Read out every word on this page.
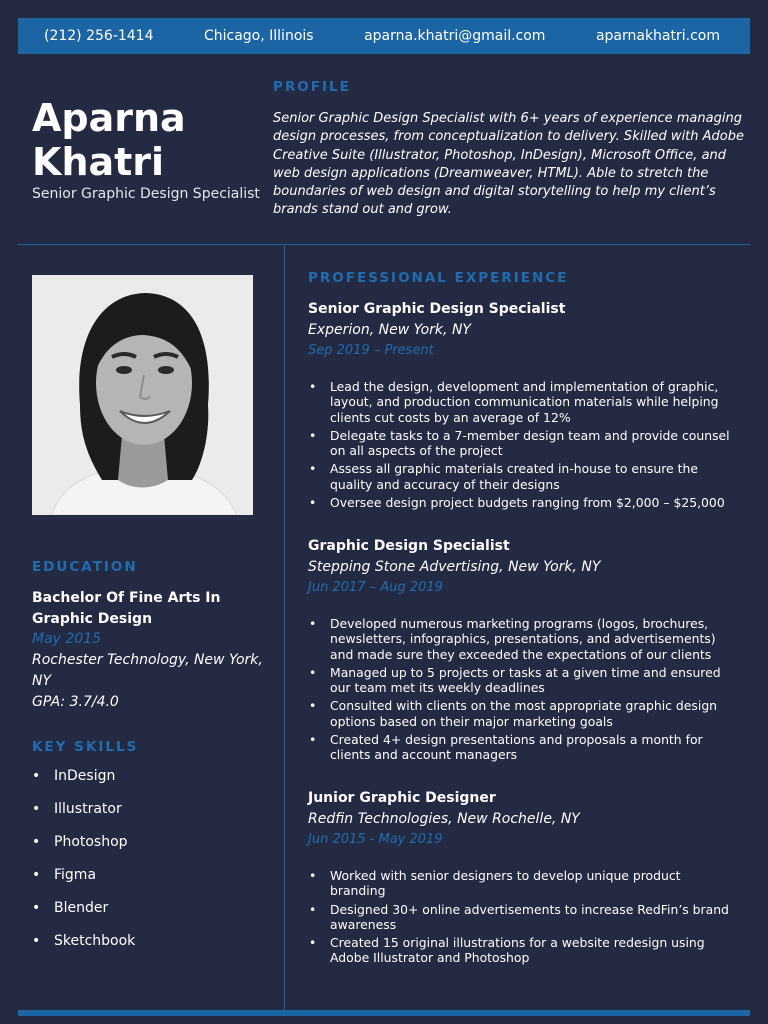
(212) 256-1414	Chicago, Illinois	aparna.khatri@gmail.com	aparnakhatri.com
Aparna
Khatri
Senior Graphic Design Specialist
PROFILE
Senior Graphic Design Specialist with 6+ years of experience managing design processes, from conceptualization to delivery. Skilled with Adobe Creative Suite (Illustrator, Photoshop, InDesign), Microsoft Office, and web design applications (Dreamweaver, HTML). Able to stretch the boundaries of web design and digital storytelling to help my client’s brands stand out and grow.
EDUCATION
Bachelor Of Fine Arts In Graphic Design
May 2015
Rochester Technology, New York, NY
GPA: 3.7/4.0
KEY SKILLS
• InDesign
• Illustrator
• Photoshop
• Figma
• Blender
• Sketchbook
PROFESSIONAL EXPERIENCE
Senior Graphic Design Specialist
Experion, New York, NY
Sep 2019 – Present
• Lead the design, development and implementation of graphic, layout, and production communication materials while helping clients cut costs by an average of 12%
• Delegate tasks to a 7-member design team and provide counsel on all aspects of the project
• Assess all graphic materials created in-house to ensure the quality and accuracy of their designs
• Oversee design project budgets ranging from $2,000 – $25,000
Graphic Design Specialist
Stepping Stone Advertising, New York, NY
Jun 2017 – Aug 2019
• Developed numerous marketing programs (logos, brochures, newsletters, infographics, presentations, and advertisements) and made sure they exceeded the expectations of our clients
• Managed up to 5 projects or tasks at a given time and ensured our team met its weekly deadlines
• Consulted with clients on the most appropriate graphic design options based on their major marketing goals
• Created 4+ design presentations and proposals a month for clients and account managers
Junior Graphic Designer
Redfin Technologies, New Rochelle, NY
Jun 2015 - May 2019
• Worked with senior designers to develop unique product branding
• Designed 30+ online advertisements to increase RedFin’s brand awareness
• Created 15 original illustrations for a website redesign using Adobe Illustrator and Photoshop
